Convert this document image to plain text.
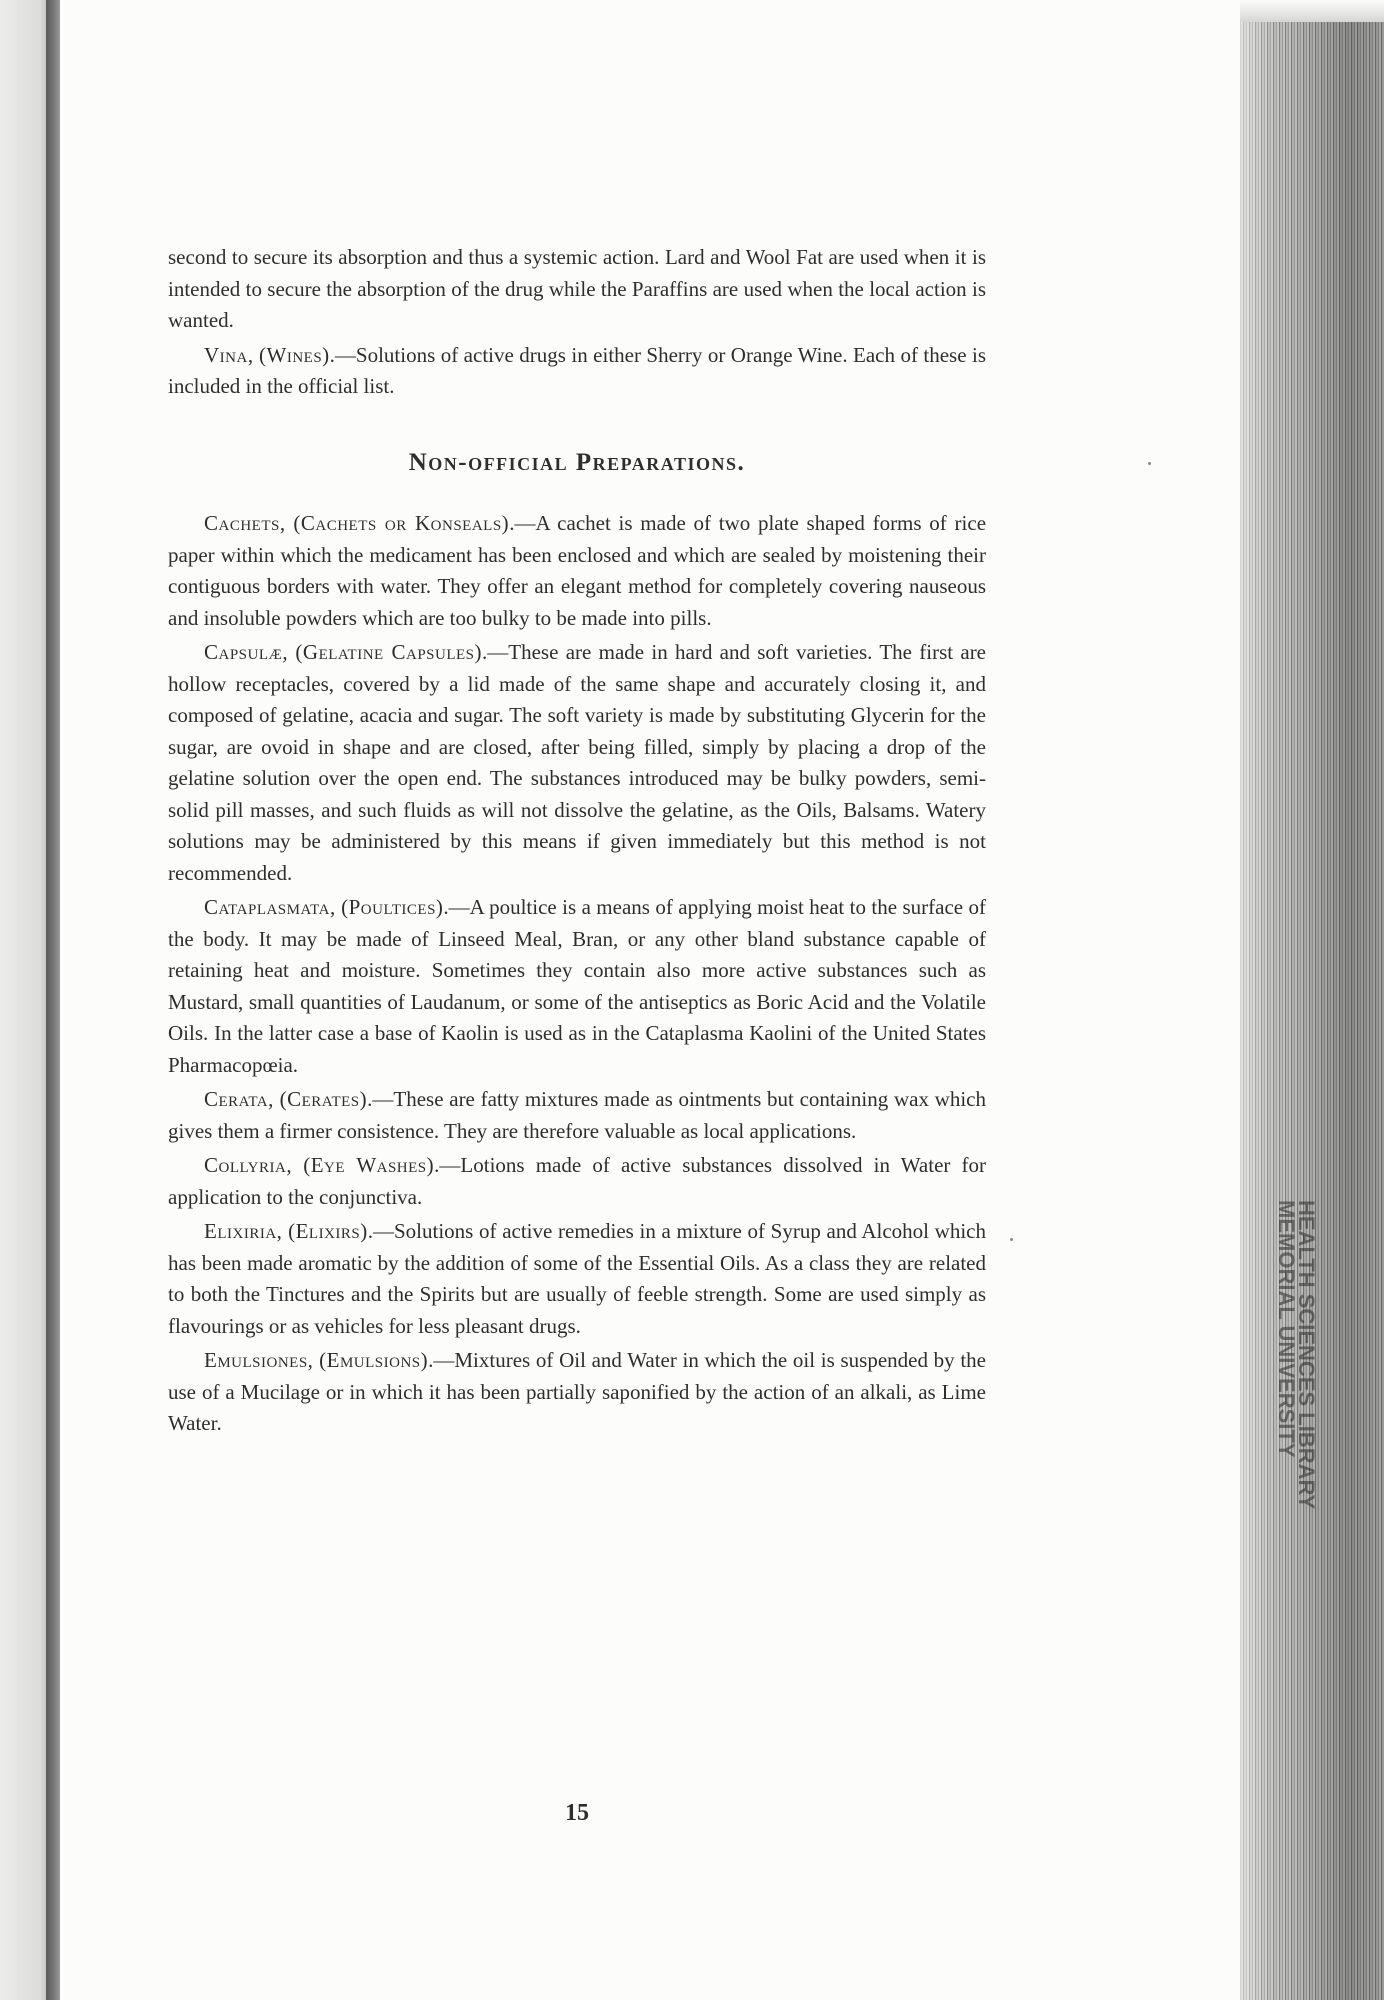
second to secure its absorption and thus a systemic action. Lard and Wool Fat are used when it is intended to secure the absorption of the drug while the Paraffins are used when the local action is wanted.

Vina, (Wines).—Solutions of active drugs in either Sherry or Orange Wine. Each of these is included in the official list.

Non-official Preparations.

Cachets, (Cachets or Konseals).—A cachet is made of two plate shaped forms of rice paper within which the medicament has been enclosed and which are sealed by moistening their contiguous borders with water. They offer an elegant method for completely covering nauseous and insoluble powders which are too bulky to be made into pills.

Capsulæ, (Gelatine Capsules).—These are made in hard and soft varieties. The first are hollow receptacles, covered by a lid made of the same shape and accurately closing it, and composed of gelatine, acacia and sugar. The soft variety is made by substituting Glycerin for the sugar, are ovoid in shape and are closed, after being filled, simply by placing a drop of the gelatine solution over the open end. The substances introduced may be bulky powders, semi-solid pill masses, and such fluids as will not dissolve the gelatine, as the Oils, Balsams. Watery solutions may be administered by this means if given immediately but this method is not recommended.

Cataplasmata, (Poultices).—A poultice is a means of applying moist heat to the surface of the body. It may be made of Linseed Meal, Bran, or any other bland substance capable of retaining heat and moisture. Sometimes they contain also more active substances such as Mustard, small quantities of Laudanum, or some of the antiseptics as Boric Acid and the Volatile Oils. In the latter case a base of Kaolin is used as in the Cataplasma Kaolini of the United States Pharmacopœia.

Cerata, (Cerates).—These are fatty mixtures made as ointments but containing wax which gives them a firmer consistence. They are therefore valuable as local applications.

Collyria, (Eye Washes).—Lotions made of active substances dissolved in Water for application to the conjunctiva.

Elixiria, (Elixirs).—Solutions of active remedies in a mixture of Syrup and Alcohol which has been made aromatic by the addition of some of the Essential Oils. As a class they are related to both the Tinctures and the Spirits but are usually of feeble strength. Some are used simply as flavourings or as vehicles for less pleasant drugs.

Emulsiones, (Emulsions).—Mixtures of Oil and Water in which the oil is suspended by the use of a Mucilage or in which it has been partially saponified by the action of an alkali, as Lime Water.

15
